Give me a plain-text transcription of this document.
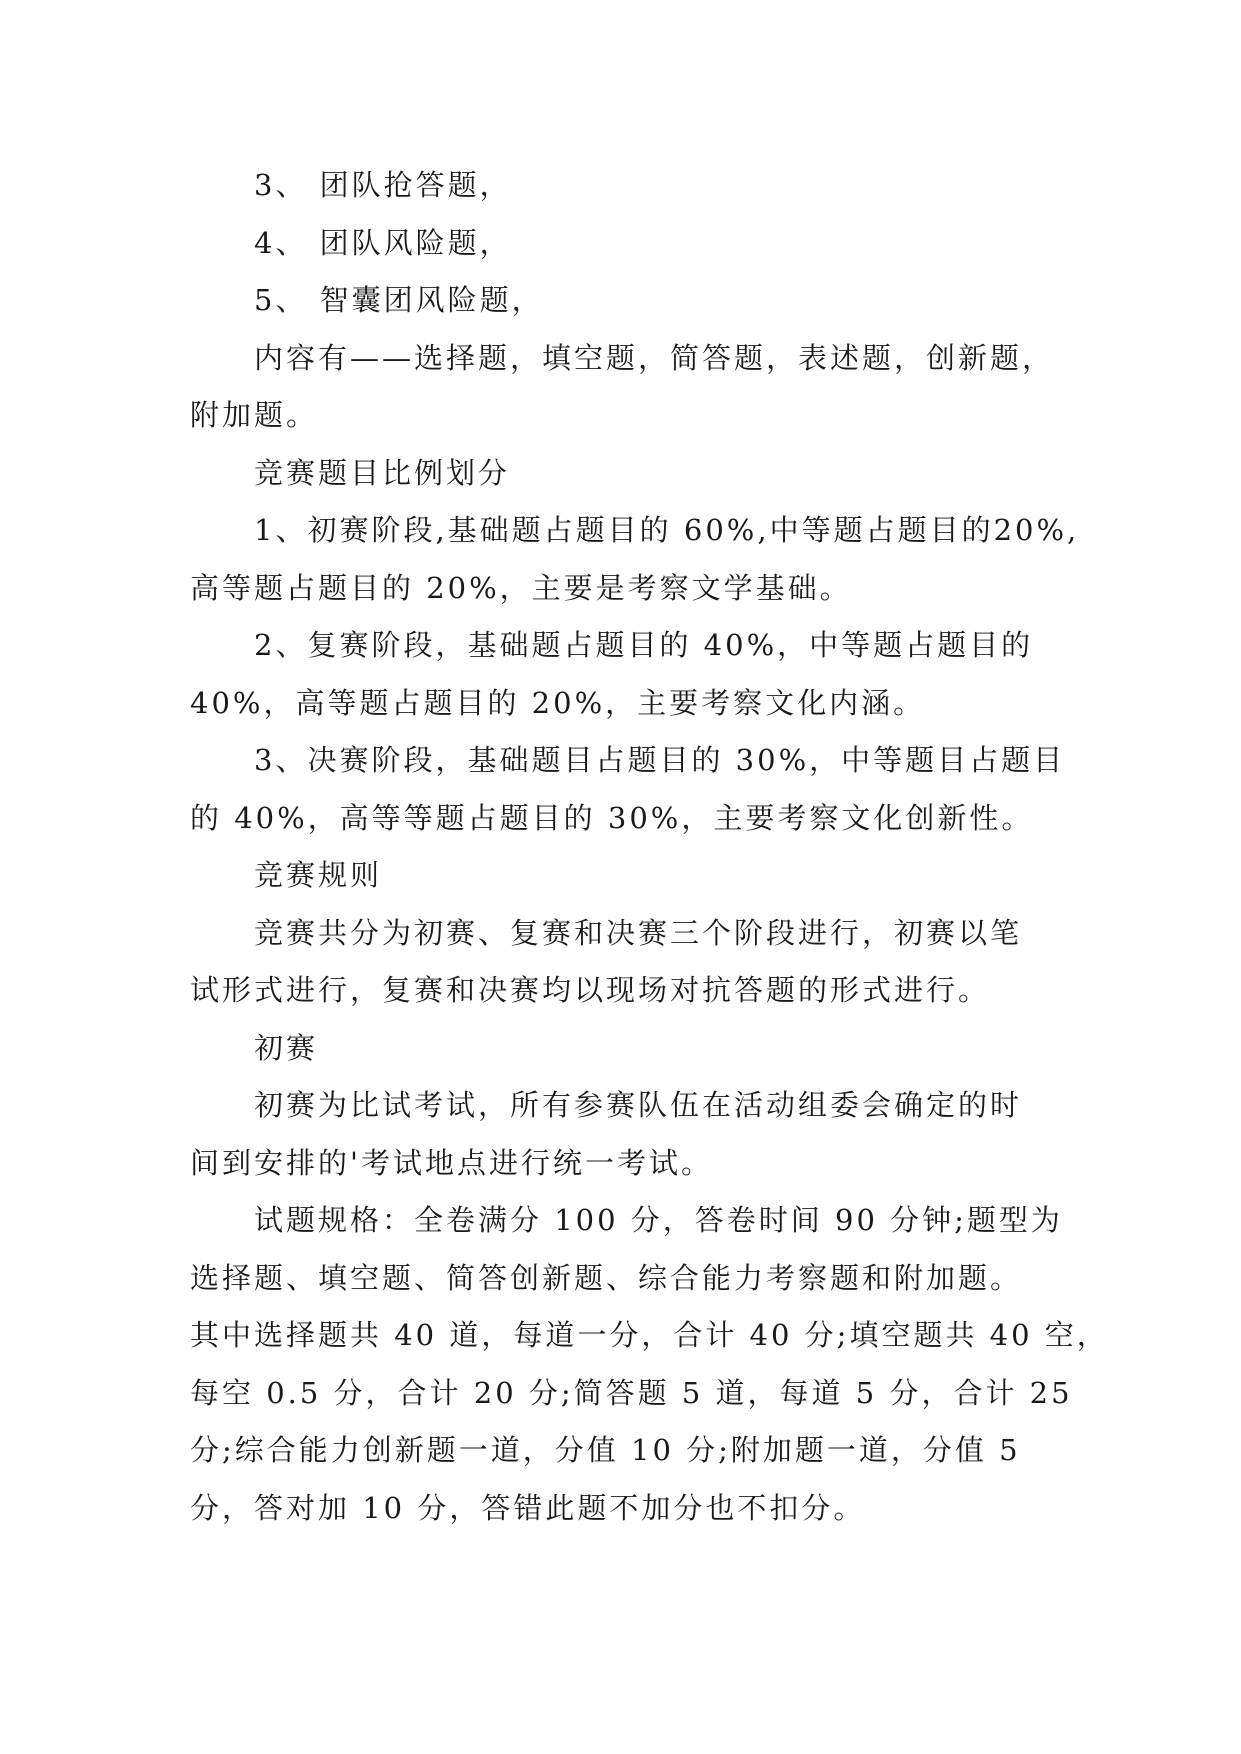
3、 团队抢答题，
4、 团队风险题，
5、 智囊团风险题，
内容有——选择题，填空题，简答题，表述题，创新题，
附加题。
竞赛题目比例划分
1、初赛阶段,基础题占题目的 60%,中等题占题目的20%,
高等题占题目的 20%，主要是考察文学基础。
2、复赛阶段，基础题占题目的 40%，中等题占题目的
40%，高等题占题目的 20%，主要考察文化内涵。
3、决赛阶段，基础题目占题目的 30%，中等题目占题目
的 40%，高等等题占题目的 30%，主要考察文化创新性。
竞赛规则
竞赛共分为初赛、复赛和决赛三个阶段进行，初赛以笔
试形式进行，复赛和决赛均以现场对抗答题的形式进行。
初赛
初赛为比试考试，所有参赛队伍在活动组委会确定的时
间到安排的'考试地点进行统一考试。
试题规格：全卷满分 100 分，答卷时间 90 分钟;题型为
选择题、填空题、简答创新题、综合能力考察题和附加题。
其中选择题共 40 道，每道一分，合计 40 分;填空题共 40 空，
每空 0.5 分，合计 20 分;简答题 5 道，每道 5 分，合计 25
分;综合能力创新题一道，分值 10 分;附加题一道，分值 5
分，答对加 10 分，答错此题不加分也不扣分。
